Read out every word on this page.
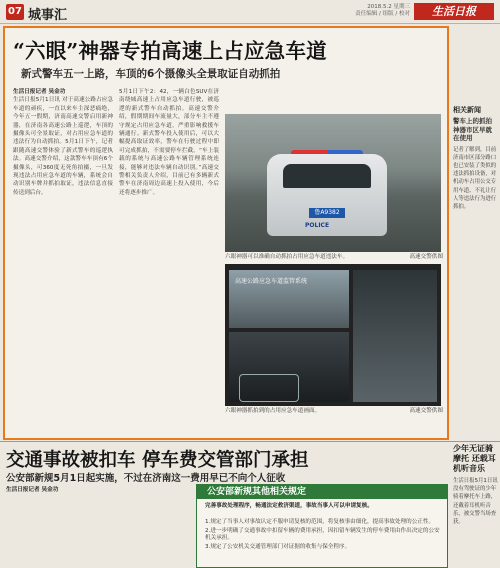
07 城事汇
2018.5.2 星期三
责任编辑 / 组版 / 校对	生活日报
“六眼”神器专拍高速上占应急车道
新式警车五一上路，车顶的6个摄像头全景取证自动抓拍
生活日报记者 吴金功
生活日报5月1日讯 对于高速公路占应急车道的顽疾，一直以来车主深恶痛绝，今年五一假期，济南高速交警启用新神器，在济南各高速公路上巡逻，车顶的摄像头可全景取证，对占用应急车道的违法行为自动抓拍。5月1日下午，记者跟随高速交警体验了新式警车的巡逻执法。高速交警介绍，这款警车车顶有6个摄像头，可360度无死角拍摄，一旦发现违法占用应急车道的车辆，系统会自动识别车牌并抓拍取证，违法信息直接传送到后台。
5月1日下午2：42，一辆白色SUV在济南绕城高速上占用应急车道行驶，被巡逻的新式警车自动抓拍。高速交警介绍，假期期间车流量大，部分车主不遵守规定占用应急车道，严重影响救援车辆通行。新式警车投入使用后，可以大幅提高取证效率，警车在行驶过程中即可完成抓拍，不需要停车拦截。“车上装载的系统与高速公路车辆管理系统连接，能够对违法车辆自动识别。”高速交警相关负责人介绍，目前已有多辆新式警车在济南周边高速上投入使用，今后还将逐步推广。
鲁A9382
POLICE
六眼神器可以准确自动抓拍占用应急车道违法车。	高速交警供图
高速公路应急车道监管系统
六眼神器抓拍到的占用应急车道画面。	高速交警供图
相关新闻
警车上的抓拍神器市区早就在使用
记者了解到，目前济南市区部分路口也已安装了类似的违法抓拍设备，对机动车占用公交专用车道、不礼让行人等违法行为进行抓拍。
交通事故被扣车 停车费交管部门承担
公安部新规5月1日起实施，不过在济南这一费用早已不向个人征收
生活日报记者 吴金功	公安部新规其他相关规定
完善事故处理程序，畅通法定救济渠道，事故当事人可以申请复核。
1.规定了当事人对事故认定不服申请复核的范围，将复核事由细化，提高事故处理的公正性。
2.进一步明确了交通事故中扣留车辆的费用承担，因扣留车辆发生的停车费用由作出决定的公安机关承担。
3.规定了公安机关交通管理部门对证据的收集与保全程序。
少年无证骑摩托 还载耳机听音乐
生活日报5月1日讯 没有驾驶证的少年骑着摩托车上路，还戴着耳机听音乐，被交警当场查获。
